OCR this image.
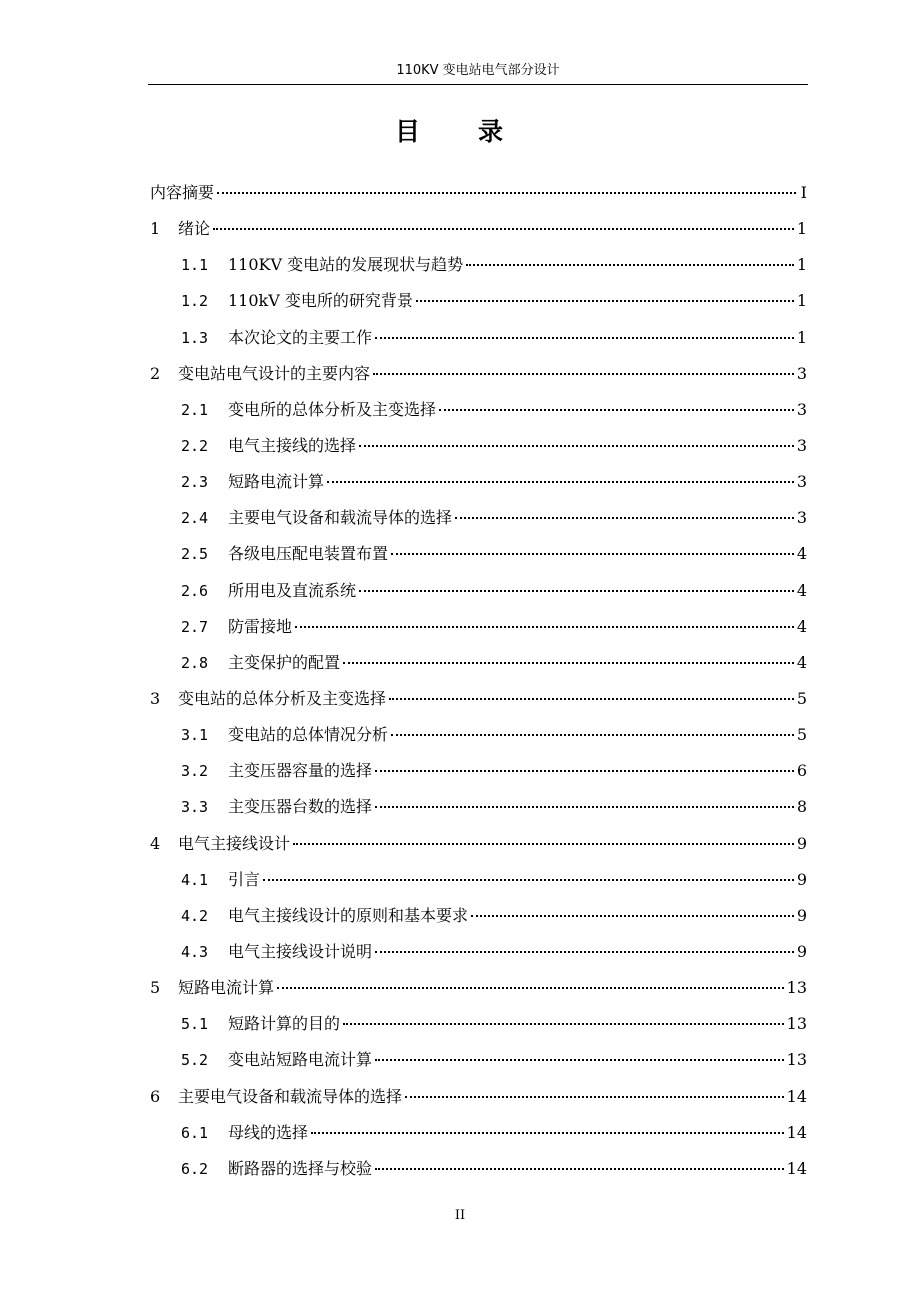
110KV 变电站电气部分设计
目录
内容摘要	I
1	绪论	1
1.1	110KV 变电站的发展现状与趋势	1
1.2	110kV 变电所的研究背景	1
1.3	本次论文的主要工作	1
2	变电站电气设计的主要内容	3
2.1	变电所的总体分析及主变选择	3
2.2	电气主接线的选择	3
2.3	短路电流计算	3
2.4	主要电气设备和载流导体的选择	3
2.5	各级电压配电装置布置	4
2.6	所用电及直流系统	4
2.7	防雷接地	4
2.8	主变保护的配置	4
3	变电站的总体分析及主变选择	5
3.1	变电站的总体情况分析	5
3.2	主变压器容量的选择	6
3.3	主变压器台数的选择	8
4	电气主接线设计	9
4.1	引言	9
4.2	电气主接线设计的原则和基本要求	9
4.3	电气主接线设计说明	9
5	短路电流计算	13
5.1	短路计算的目的	13
5.2	变电站短路电流计算	13
6	主要电气设备和载流导体的选择	14
6.1	母线的选择	14
6.2	断路器的选择与校验	14
II
